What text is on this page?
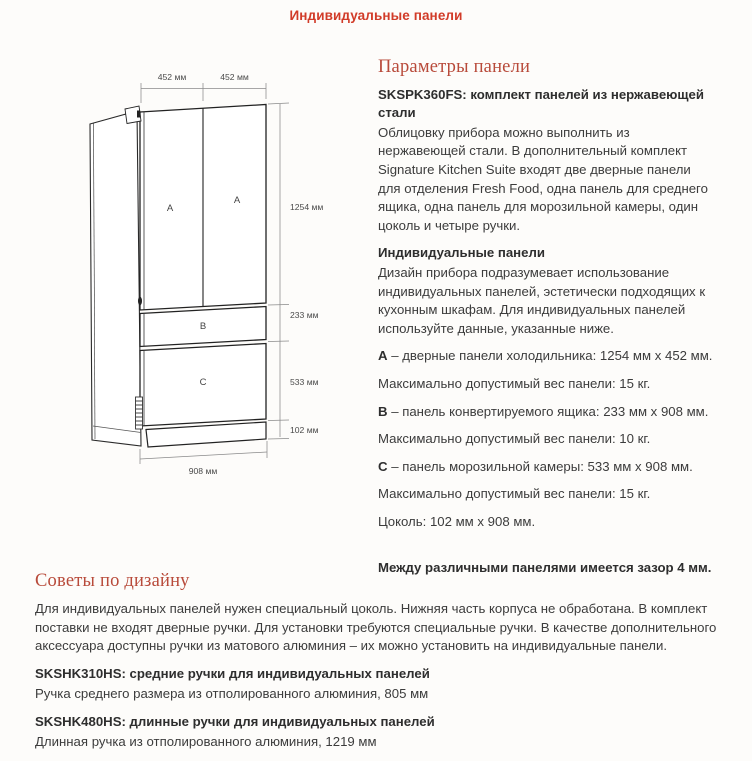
Индивидуальные панели
A
A
B
C
452 мм	452 мм
1254 мм
233 мм
533 мм
102 мм
908 мм
Параметры панели

SKSPK360FS: комплект панелей из нержавеющей стали

Облицовку прибора можно выполнить из нержавеющей стали. В дополнительный комплект Signature Kitchen Suite входят две дверные панели для отделения Fresh Food, одна панель для среднего ящика, одна панель для морозильной камеры, один цоколь и четыре ручки.

Индивидуальные панели

Дизайн прибора подразумевает использование индивидуальных панелей, эстетически подходящих к кухонным шкафам. Для индивидуальных панелей используйте данные, указанные ниже.

A – дверные панели холодильника: 1254 мм x 452 мм.

Максимально допустимый вес панели: 15 кг.

B – панель конвертируемого ящика: 233 мм x 908 мм.

Максимально допустимый вес панели: 10 кг.

C – панель морозильной камеры: 533 мм x 908 мм.

Максимально допустимый вес панели: 15 кг.

Цоколь: 102 мм x 908 мм.

Между различными панелями имеется зазор 4 мм.

Советы по дизайну

Для индивидуальных панелей нужен специальный цоколь. Нижняя часть корпуса не обработана. В комплект поставки не входят дверные ручки. Для установки требуются специальные ручки. В качестве дополнительного аксессуара доступны ручки из матового алюминия – их можно установить на индивидуальные панели.

SKSHK310HS: средние ручки для индивидуальных панелей

Ручка среднего размера из отполированного алюминия, 805 мм

SKSHK480HS: длинные ручки для индивидуальных панелей

Длинная ручка из отполированного алюминия, 1219 мм
